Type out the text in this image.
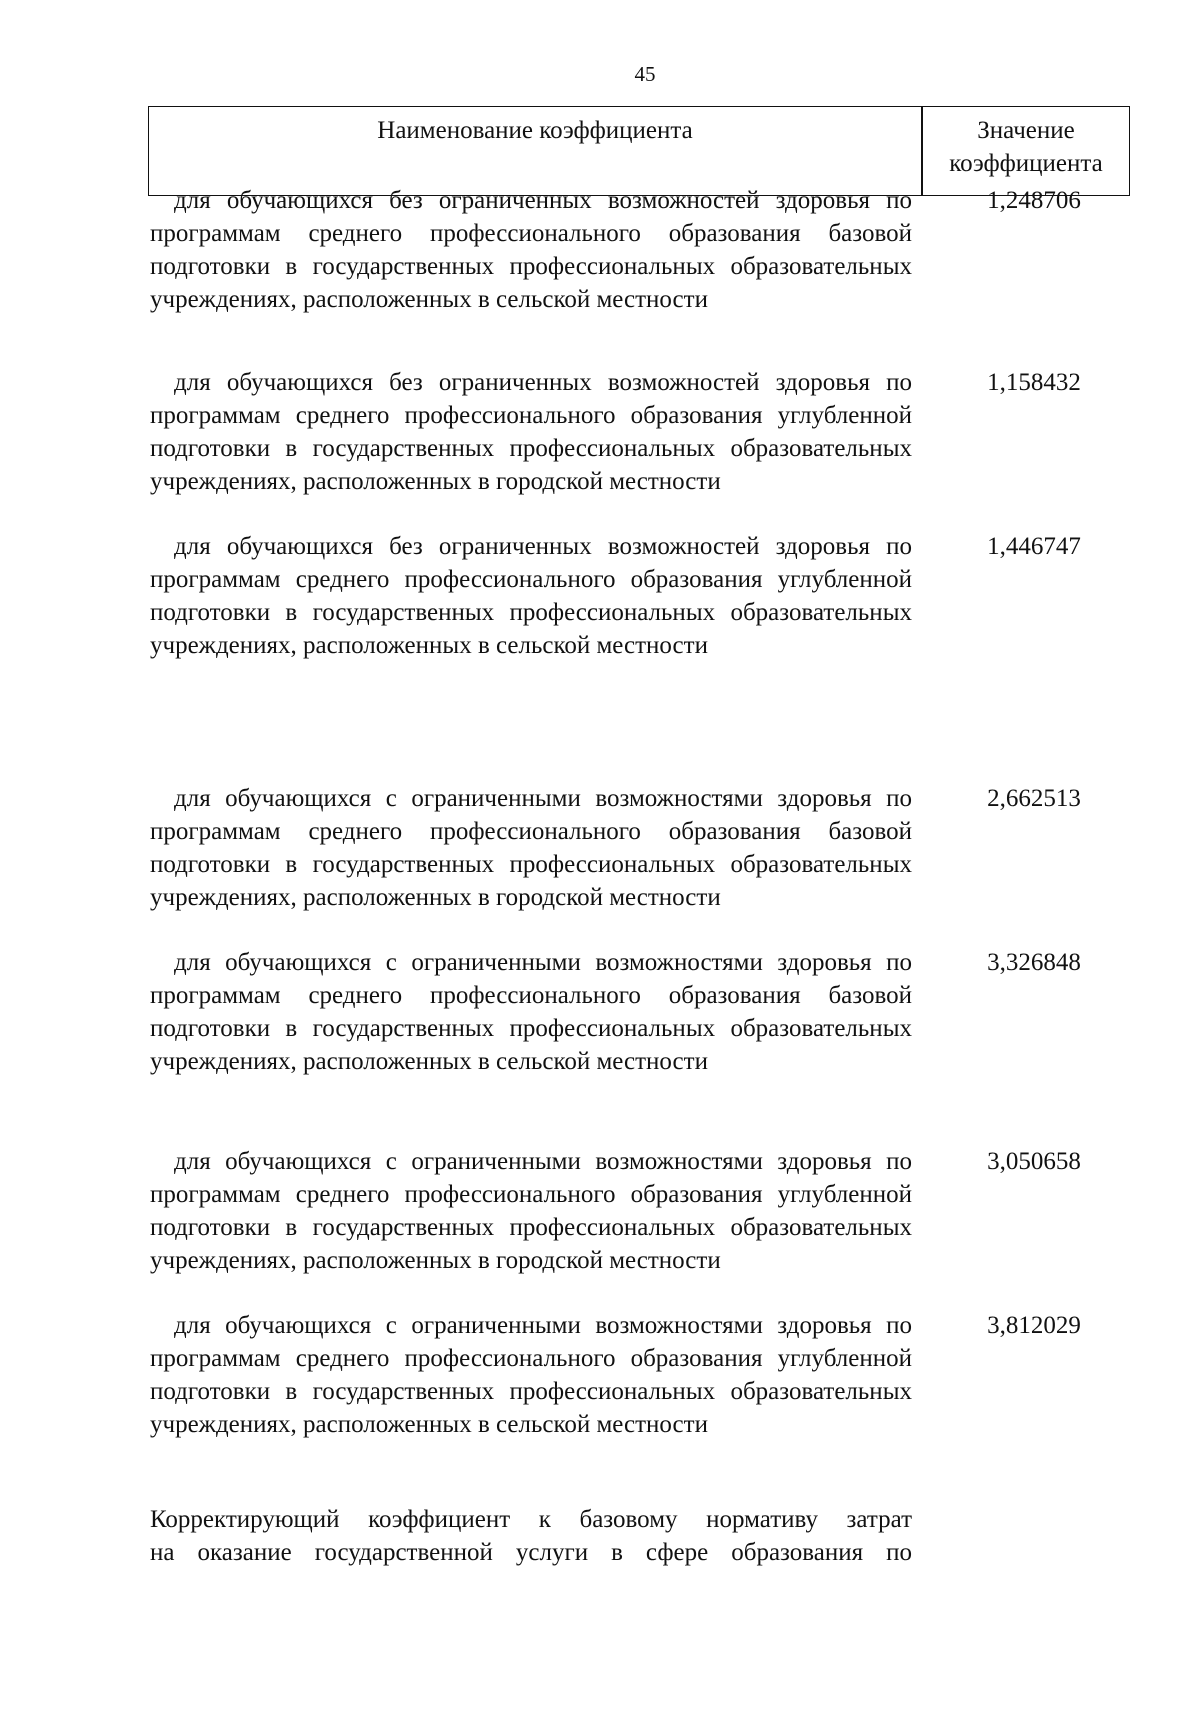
45
Наименование коэффициента	Значение
коэффициента
для обучающихся без ограниченных возможностей здоровья по программам среднего профессионального образования базовой подготовки в государственных профессиональных образовательных учреждениях, расположенных в сельской местности
1,248706
для обучающихся без ограниченных возможностей здоровья по программам среднего профессионального образования углубленной подготовки в государственных профессиональных образовательных учреждениях, расположенных в городской местности
1,158432
для обучающихся без ограниченных возможностей здоровья по программам среднего профессионального образования углубленной подготовки в государственных профессиональных образовательных учреждениях, расположенных в сельской местности
1,446747
для обучающихся с ограниченными возможностями здоровья по программам среднего профессионального образования базовой подготовки в государственных профессиональных образовательных учреждениях, расположенных в городской местности
2,662513
для обучающихся с ограниченными возможностями здоровья по программам среднего профессионального образования базовой подготовки в государственных профессиональных образовательных учреждениях, расположенных в сельской местности
3,326848
для обучающихся с ограниченными возможностями здоровья по программам среднего профессионального образования углубленной подготовки в государственных профессиональных образовательных учреждениях, расположенных в городской местности
3,050658
для обучающихся с ограниченными возможностями здоровья по программам среднего профессионального образования углубленной подготовки в государственных профессиональных образовательных учреждениях, расположенных в сельской местности
3,812029
Корректирующий коэффициент к базовому нормативу затрат
на оказание государственной услуги в сфере образования по
